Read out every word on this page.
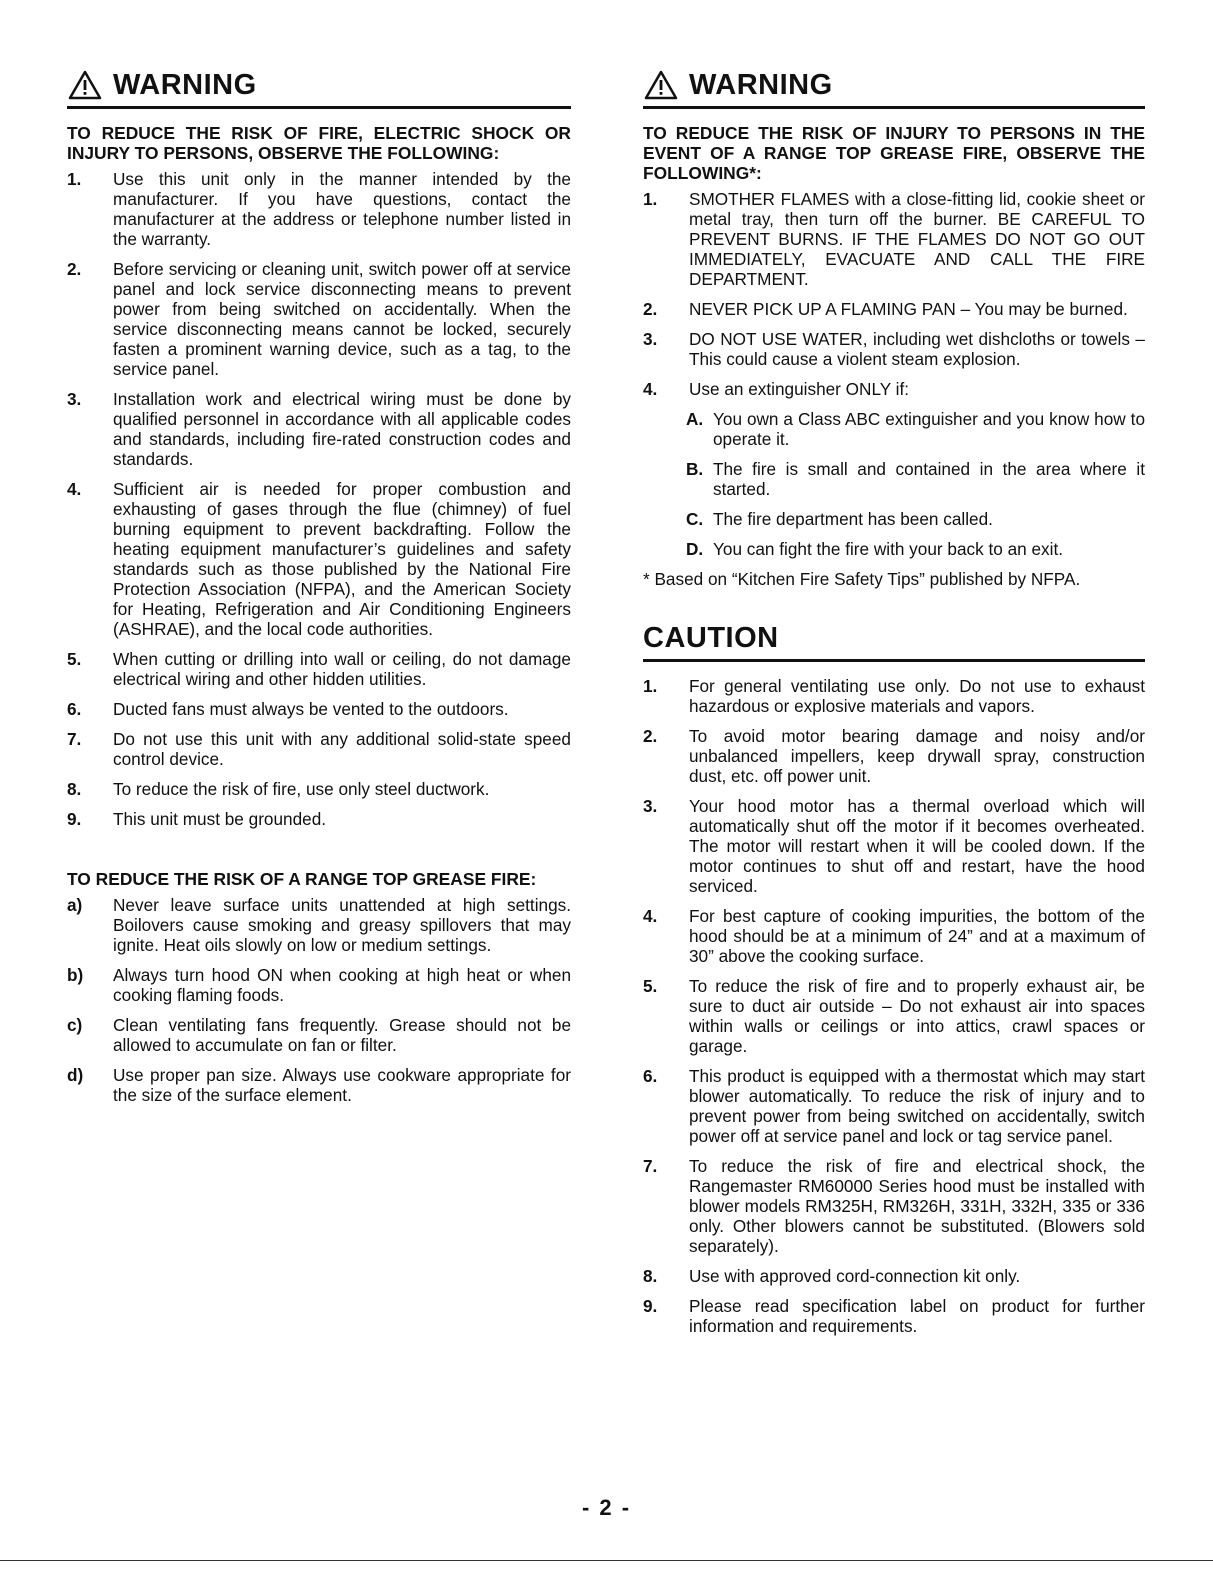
WARNING
TO REDUCE THE RISK OF FIRE, ELECTRIC SHOCK OR INJURY TO PERSONS, OBSERVE THE FOLLOWING:
1.	Use this unit only in the manner intended by the manufacturer. If you have questions, contact the manufacturer at the address or telephone number listed in the warranty.
2.	Before servicing or cleaning unit, switch power off at service panel and lock service disconnecting means to prevent power from being switched on accidentally. When the service disconnecting means cannot be locked, securely fasten a prominent warning device, such as a tag, to the service panel.
3.	Installation work and electrical wiring must be done by qualified personnel in accordance with all applicable codes and standards, including fire-rated construction codes and standards.
4.	Sufficient air is needed for proper combustion and exhausting of gases through the flue (chimney) of fuel burning equipment to prevent backdrafting. Follow the heating equipment manufacturer’s guidelines and safety standards such as those published by the National Fire Protection Association (NFPA), and the American Society for Heating, Refrigeration and Air Conditioning Engineers (ASHRAE), and the local code authorities.
5.	When cutting or drilling into wall or ceiling, do not damage electrical wiring and other hidden utilities.
6.	Ducted fans must always be vented to the outdoors.
7.	Do not use this unit with any additional solid-state speed control device.
8.	To reduce the risk of fire, use only steel ductwork.
9.	This unit must be grounded.
TO REDUCE THE RISK OF A RANGE TOP GREASE FIRE:
a)	Never leave surface units unattended at high settings. Boilovers cause smoking and greasy spillovers that may ignite. Heat oils slowly on low or medium settings.
b)	Always turn hood ON when cooking at high heat or when cooking flaming foods.
c)	Clean ventilating fans frequently. Grease should not be allowed to accumulate on fan or filter.
d)	Use proper pan size. Always use cookware appropriate for the size of the surface element.
WARNING
TO REDUCE THE RISK OF INJURY TO PERSONS IN THE EVENT OF A RANGE TOP GREASE FIRE, OBSERVE THE FOLLOWING*:
1.	SMOTHER FLAMES with a close-fitting lid, cookie sheet or metal tray, then turn off the burner. BE CAREFUL TO PREVENT BURNS. IF THE FLAMES DO NOT GO OUT IMMEDIATELY, EVACUATE AND CALL THE FIRE DEPARTMENT.
2.	NEVER PICK UP A FLAMING PAN – You may be burned.
3.	DO NOT USE WATER, including wet dishcloths or towels – This could cause a violent steam explosion.
4.	Use an extinguisher ONLY if:
A. You own a Class ABC extinguisher and you know how to operate it.
B. The fire is small and contained in the area where it started.
C. The fire department has been called.
D. You can fight the fire with your back to an exit.
* Based on “Kitchen Fire Safety Tips” published by NFPA.
CAUTION
1.	For general ventilating use only. Do not use to exhaust hazardous or explosive materials and vapors.
2.	To avoid motor bearing damage and noisy and/or unbalanced impellers, keep drywall spray, construction dust, etc. off power unit.
3.	Your hood motor has a thermal overload which will automatically shut off the motor if it becomes overheated. The motor will restart when it will be cooled down. If the motor continues to shut off and restart, have the hood serviced.
4.	For best capture of cooking impurities, the bottom of the hood should be at a minimum of 24” and at a maximum of 30” above the cooking surface.
5.	To reduce the risk of fire and to properly exhaust air, be sure to duct air outside – Do not exhaust air into spaces within walls or ceilings or into attics, crawl spaces or garage.
6.	This product is equipped with a thermostat which may start blower automatically. To reduce the risk of injury and to prevent power from being switched on accidentally, switch power off at service panel and lock or tag service panel.
7.	To reduce the risk of fire and electrical shock, the Rangemaster RM60000 Series hood must be installed with blower models RM325H, RM326H, 331H, 332H, 335 or 336 only. Other blowers cannot be substituted. (Blowers sold separately).
8.	Use with approved cord-connection kit only.
9.	Please read specification label on product for further information and requirements.
- 2 -
